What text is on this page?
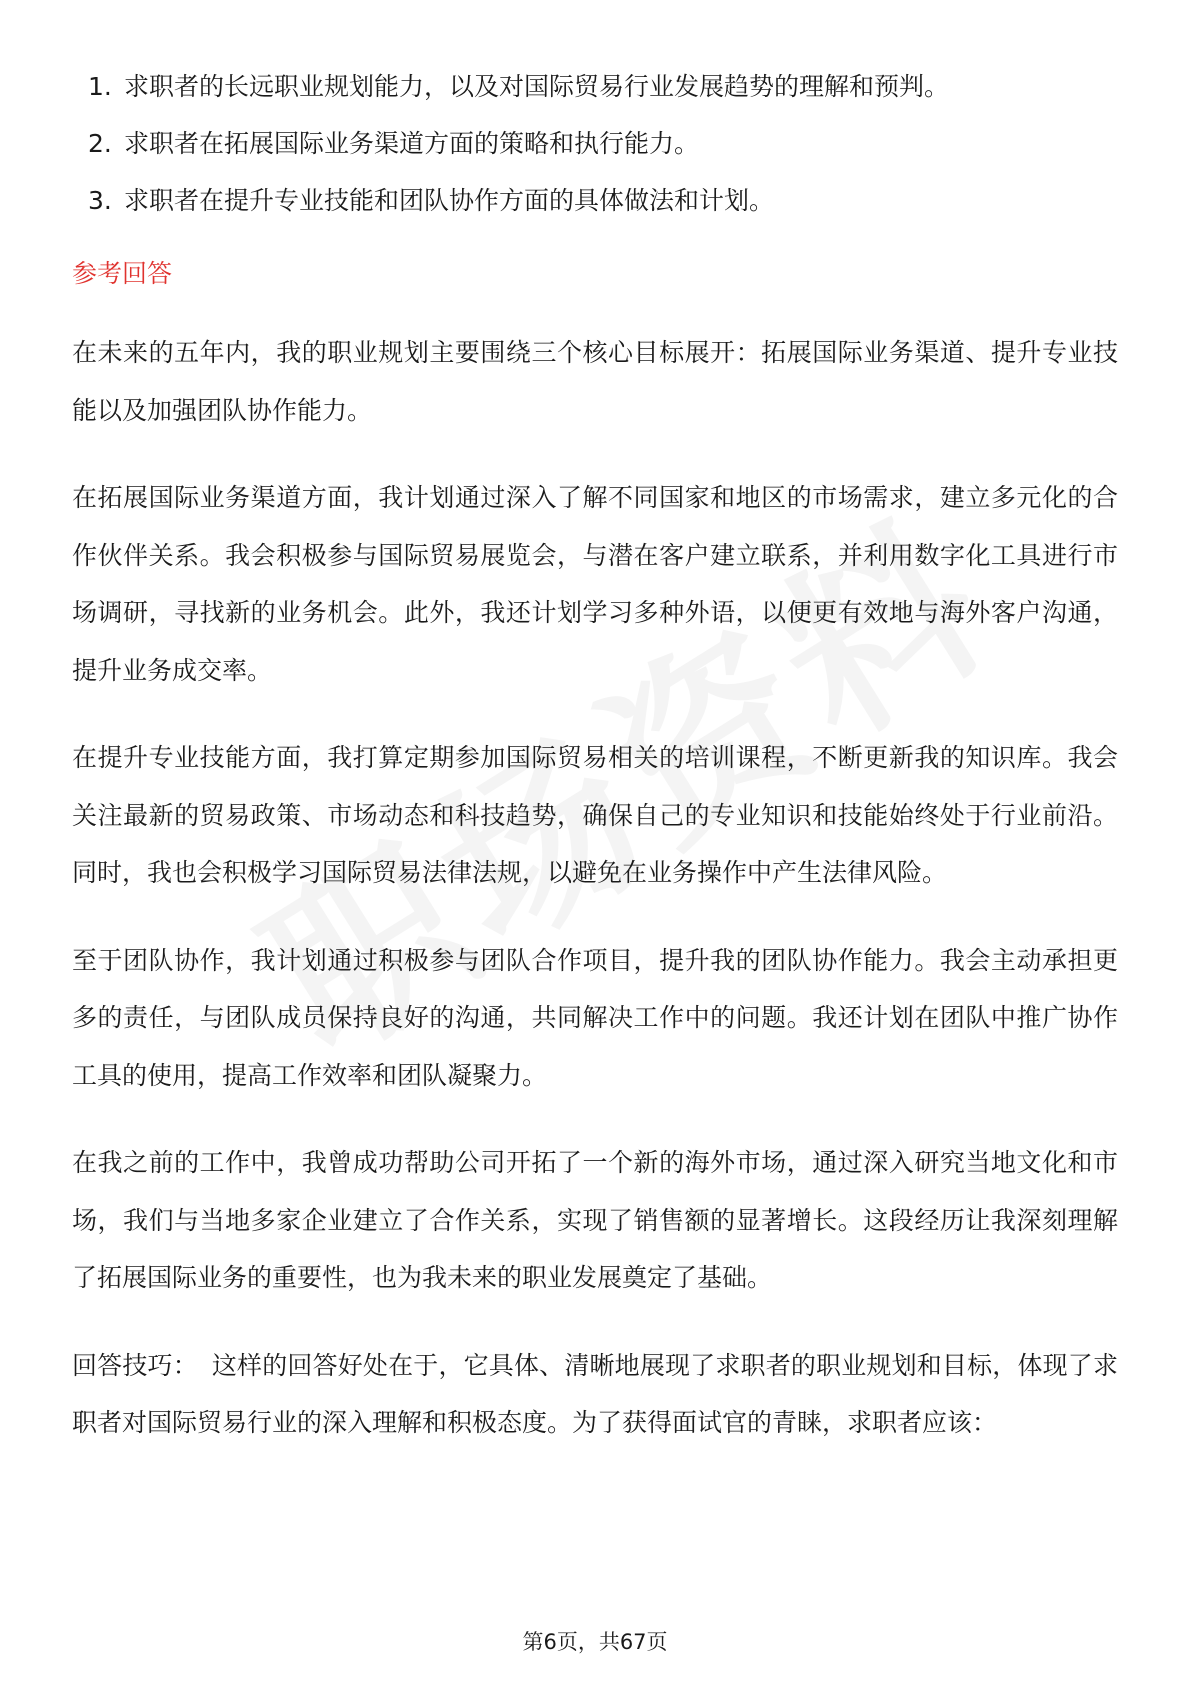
1. 求职者的长远职业规划能力，以及对国际贸易行业发展趋势的理解和预判。
2. 求职者在拓展国际业务渠道方面的策略和执行能力。
3. 求职者在提升专业技能和团队协作方面的具体做法和计划。
参考回答

在未来的五年内，我的职业规划主要围绕三个核心目标展开：拓展国际业务渠道、提升专业技能以及加强团队协作能力。

在拓展国际业务渠道方面，我计划通过深入了解不同国家和地区的市场需求，建立多元化的合作伙伴关系。我会积极参与国际贸易展览会，与潜在客户建立联系，并利用数字化工具进行市场调研，寻找新的业务机会。此外，我还计划学习多种外语，以便更有效地与海外客户沟通，提升业务成交率。

在提升专业技能方面，我打算定期参加国际贸易相关的培训课程，不断更新我的知识库。我会关注最新的贸易政策、市场动态和科技趋势，确保自己的专业知识和技能始终处于行业前沿。同时，我也会积极学习国际贸易法律法规，以避免在业务操作中产生法律风险。

至于团队协作，我计划通过积极参与团队合作项目，提升我的团队协作能力。我会主动承担更多的责任，与团队成员保持良好的沟通，共同解决工作中的问题。我还计划在团队中推广协作工具的使用，提高工作效率和团队凝聚力。

在我之前的工作中，我曾成功帮助公司开拓了一个新的海外市场，通过深入研究当地文化和市场，我们与当地多家企业建立了合作关系，实现了销售额的显著增长。这段经历让我深刻理解了拓展国际业务的重要性，也为我未来的职业发展奠定了基础。

回答技巧： 这样的回答好处在于，它具体、清晰地展现了求职者的职业规划和目标，体现了求职者对国际贸易行业的深入理解和积极态度。为了获得面试官的青睐，求职者应该：

第6页，共67页
